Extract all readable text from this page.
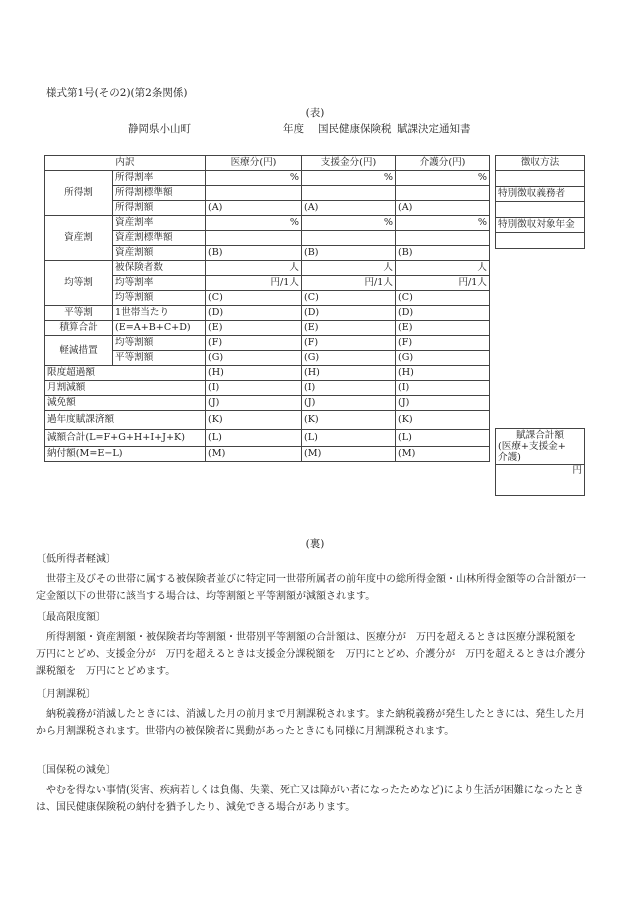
様式第1号(その2)(第2条関係)
(表)
静岡県小山町	年度 国民健康保険税 賦課決定通知書
内訳		医療分(円)	支援金分(円)	介護分(円)
所得割	所得割率	%	%	%
	所得割標準額			
	所得割額	(A)	(A)	(A)
資産割	資産割率	%	%	%
	資産割標準額			
	資産割額	(B)	(B)	(B)
均等割	被保険者数	人	人	人
	均等割率	円/1人	円/1人	円/1人
	均等割額	(C)	(C)	(C)
平等割	1世帯当たり	(D)	(D)	(D)
積算合計	(E=A+B+C+D)	(E)	(E)	(E)
軽減措置	均等割額	(F)	(F)	(F)
	平等割額	(G)	(G)	(G)
限度超過額		(H)	(H)	(H)
月割減額		(I)	(I)	(I)
減免額		(J)	(J)	(J)
過年度賦課済額		(K)	(K)	(K)
減額合計(L=F+G+H+I+J+K)		(L)	(L)	(L)
納付額(M=E−L)		(M)	(M)	(M)
徴収方法

特別徴収義務者

特別徴収対象年金

賦課合計額
(医療+支援金+
介護)

円
(裏)
〔低所得者軽減〕
世帯主及びその世帯に属する被保険者並びに特定同一世帯所属者の前年度中の総所得金額・山林所得金額等の合計額が一定金額以下の世帯に該当する場合は、均等割額と平等割額が減額されます。
〔最高限度額〕
所得割額・資産割額・被保険者均等割額・世帯別平等割額の合計額は、医療分が　万円を超えるときは医療分課税額を　万円にとどめ、支援金分が　万円を超えるときは支援金分課税額を　万円にとどめ、介護分が　万円を超えるときは介護分課税額を　万円にとどめます。
〔月割課税〕
納税義務が消滅したときには、消滅した月の前月まで月割課税されます。また納税義務が発生したときには、発生した月から月割課税されます。世帯内の被保険者に異動があったときにも同様に月割課税されます。
〔国保税の減免〕
やむを得ない事情(災害、疾病若しくは負傷、失業、死亡又は障がい者になったためなど)により生活が困難になったときは、国民健康保険税の納付を猶予したり、減免できる場合があります。
